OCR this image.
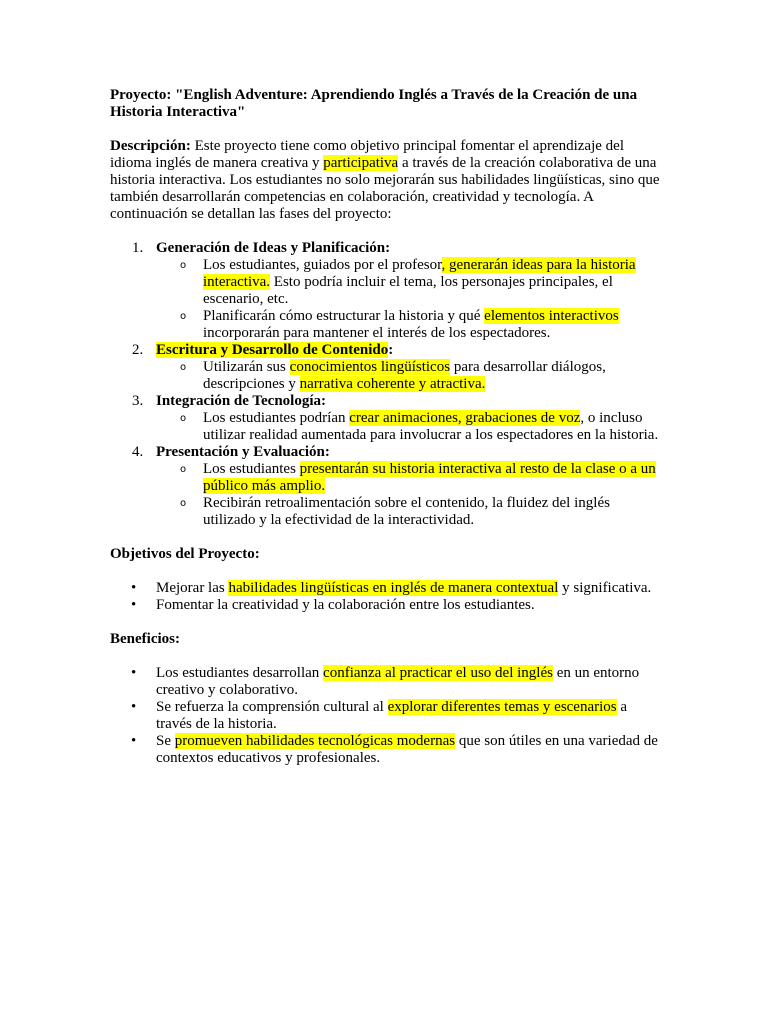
Proyecto: "English Adventure: Aprendiendo Inglés a Través de la Creación de una Historia Interactiva"

Descripción: Este proyecto tiene como objetivo principal fomentar el aprendizaje del idioma inglés de manera creativa y participativa a través de la creación colaborativa de una historia interactiva. Los estudiantes no solo mejorarán sus habilidades lingüísticas, sino que también desarrollarán competencias en colaboración, creatividad y tecnología. A continuación se detallan las fases del proyecto:

1. Generación de Ideas y Planificación:
o Los estudiantes, guiados por el profesor, generarán ideas para la historia interactiva. Esto podría incluir el tema, los personajes principales, el escenario, etc.
o Planificarán cómo estructurar la historia y qué elementos interactivos incorporarán para mantener el interés de los espectadores.
2. Escritura y Desarrollo de Contenido:
o Utilizarán sus conocimientos lingüísticos para desarrollar diálogos, descripciones y narrativa coherente y atractiva.
3. Integración de Tecnología:
o Los estudiantes podrían crear animaciones, grabaciones de voz, o incluso utilizar realidad aumentada para involucrar a los espectadores en la historia.
4. Presentación y Evaluación:
o Los estudiantes presentarán su historia interactiva al resto de la clase o a un público más amplio.
o Recibirán retroalimentación sobre el contenido, la fluidez del inglés utilizado y la efectividad de la interactividad.

Objetivos del Proyecto:

• Mejorar las habilidades lingüísticas en inglés de manera contextual y significativa.
• Fomentar la creatividad y la colaboración entre los estudiantes.

Beneficios:

• Los estudiantes desarrollan confianza al practicar el uso del inglés en un entorno creativo y colaborativo.
• Se refuerza la comprensión cultural al explorar diferentes temas y escenarios a través de la historia.
• Se promueven habilidades tecnológicas modernas que son útiles en una variedad de contextos educativos y profesionales.
